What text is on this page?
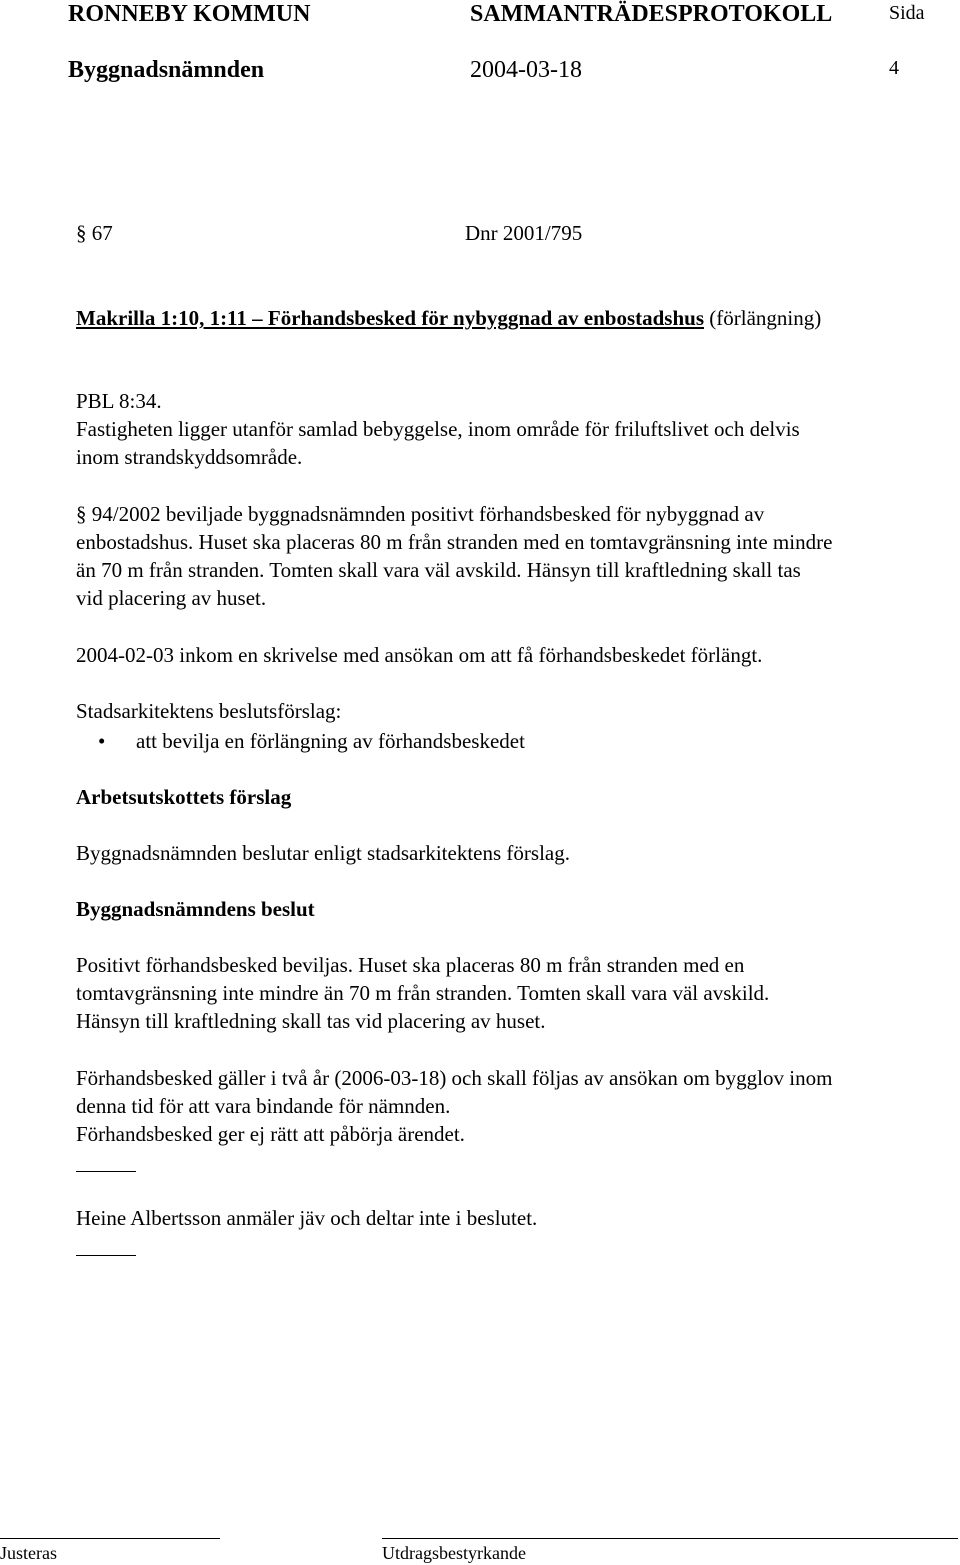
RONNEBY KOMMUN	SAMMANTRÄDESPROTOKOLL	Sida
Byggnadsnämnden	2004-03-18	4
§ 67	Dnr 2001/795
Makrilla 1:10, 1:11 – Förhandsbesked för nybyggnad av enbostadshus (förlängning)
PBL 8:34.
Fastigheten ligger utanför samlad bebyggelse, inom område för friluftslivet och delvis
inom strandskyddsområde.
§ 94/2002 beviljade byggnadsnämnden positivt förhandsbesked för nybyggnad av
enbostadshus. Huset ska placeras 80 m från stranden med en tomtavgränsning inte mindre
än 70 m från stranden. Tomten skall vara väl avskild. Hänsyn till kraftledning skall tas
vid placering av huset.
2004-02-03 inkom en skrivelse med ansökan om att få förhandsbeskedet förlängt.
Stadsarkitektens beslutsförslag:
• att bevilja en förlängning av förhandsbeskedet
Arbetsutskottets förslag
Byggnadsnämnden beslutar enligt stadsarkitektens förslag.
Byggnadsnämndens beslut
Positivt förhandsbesked beviljas. Huset ska placeras 80 m från stranden med en
tomtavgränsning inte mindre än 70 m från stranden. Tomten skall vara väl avskild.
Hänsyn till kraftledning skall tas vid placering av huset.
Förhandsbesked gäller i två år (2006-03-18) och skall följas av ansökan om bygglov inom
denna tid för att vara bindande för nämnden.
Förhandsbesked ger ej rätt att påbörja ärendet.
Heine Albertsson anmäler jäv och deltar inte i beslutet.
Justeras	Utdragsbestyrkande
